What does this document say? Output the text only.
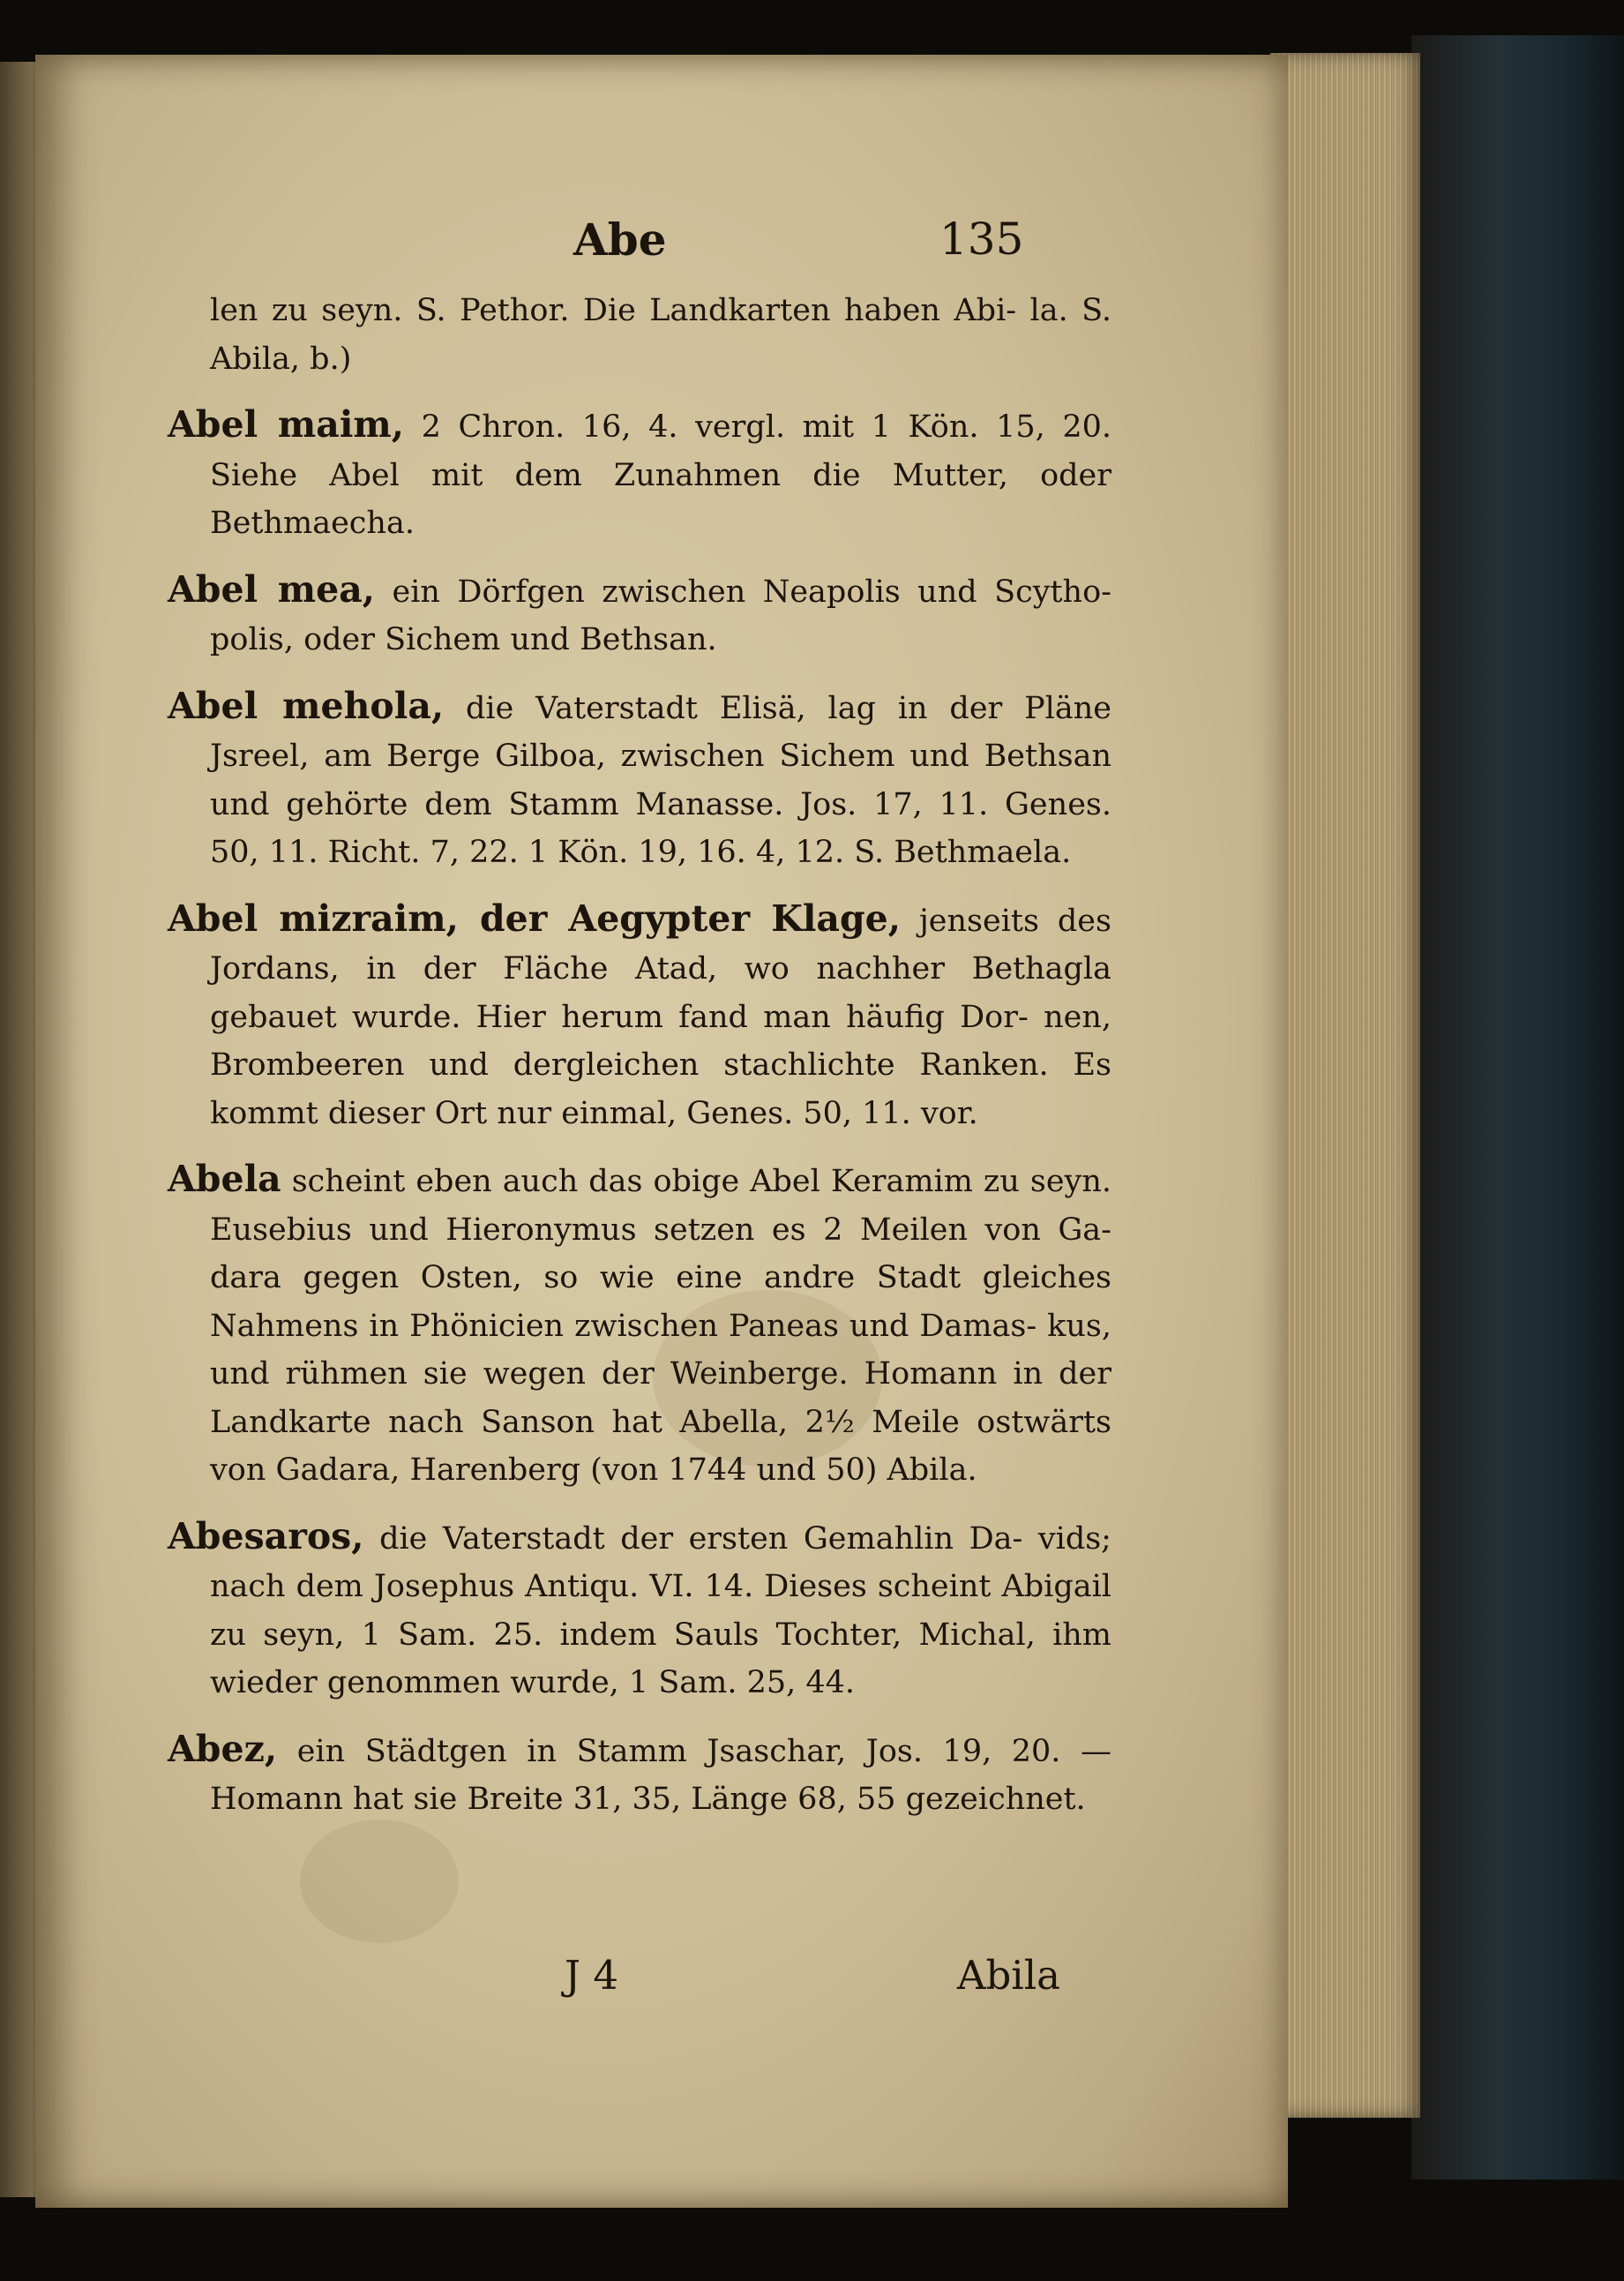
Abe	135

len zu seyn. S. Pethor. Die Landkarten haben Abi- la. S. Abila, b.)

Abel maim, 2 Chron. 16, 4. vergl. mit 1 Kön. 15, 20. Siehe Abel mit dem Zunahmen die Mutter, oder Bethmaecha.

Abel mea, ein Dörfgen zwischen Neapolis und Scytho- polis, oder Sichem und Bethsan.

Abel mehola, die Vaterstadt Elisä, lag in der Pläne Jsreel, am Berge Gilboa, zwischen Sichem und Bethsan und gehörte dem Stamm Manasse. Jos. 17, 11. Genes. 50, 11. Richt. 7, 22. 1 Kön. 19, 16. 4, 12. S. Bethmaela.

Abel mizraim, der Aegypter Klage, jenseits des Jordans, in der Fläche Atad, wo nachher Bethagla gebauet wurde. Hier herum fand man häufig Dor- nen, Brombeeren und dergleichen stachlichte Ranken. Es kommt dieser Ort nur einmal, Genes. 50, 11. vor.

Abela scheint eben auch das obige Abel Keramim zu seyn. Eusebius und Hieronymus setzen es 2 Meilen von Ga- dara gegen Osten, so wie eine andre Stadt gleiches Nahmens in Phönicien zwischen Paneas und Damas- kus, und rühmen sie wegen der Weinberge. Homann in der Landkarte nach Sanson hat Abella, 2½ Meile ostwärts von Gadara, Harenberg (von 1744 und 50) Abila.

Abesaros, die Vaterstadt der ersten Gemahlin Da- vids; nach dem Josephus Antiqu. VI. 14. Dieses scheint Abigail zu seyn, 1 Sam. 25. indem Sauls Tochter, Michal, ihm wieder genommen wurde, 1 Sam. 25, 44.

Abez, ein Städtgen in Stamm Jsaschar, Jos. 19, 20. — Homann hat sie Breite 31, 35, Länge 68, 55 gezeichnet.

J 4	Abila
